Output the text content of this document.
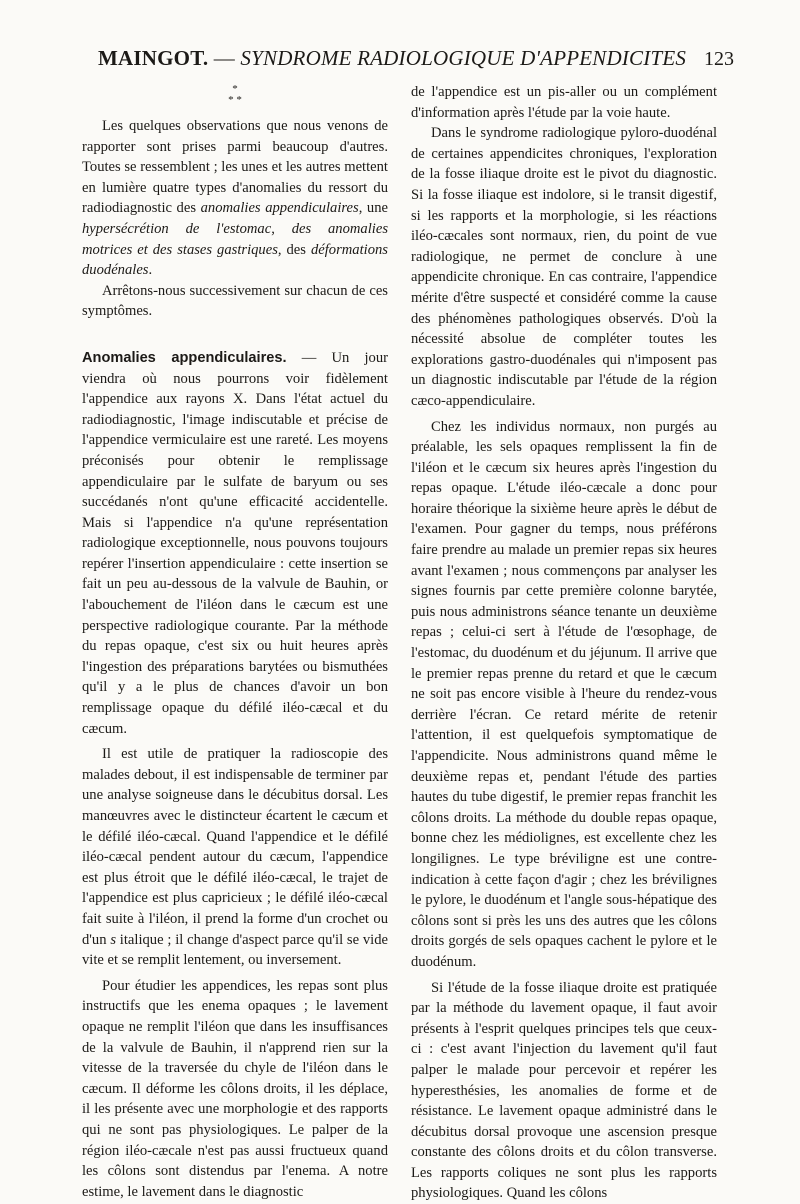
MAINGOT. — SYNDROME RADIOLOGIQUE D'APPENDICITES 123
*
* *

Les quelques observations que nous venons de rapporter sont prises parmi beaucoup d'autres. Toutes se ressemblent ; les unes et les autres mettent en lumière quatre types d'anomalies du ressort du radiodiagnostic des anomalies appendiculaires, une hypersécrétion de l'estomac, des anomalies motrices et des stases gastriques, des déformations duodénales.

Arrêtons-nous successivement sur chacun de ces symptômes.

Anomalies appendiculaires. — Un jour viendra où nous pourrons voir fidèlement l'appendice aux rayons X. Dans l'état actuel du radiodiagnostic, l'image indiscutable et précise de l'appendice vermiculaire est une rareté. Les moyens préconisés pour obtenir le remplissage appendiculaire par le sulfate de baryum ou ses succédanés n'ont qu'une efficacité accidentelle. Mais si l'appendice n'a qu'une représentation radiologique exceptionnelle, nous pouvons toujours repérer l'insertion appendiculaire : cette insertion se fait un peu au-dessous de la valvule de Bauhin, or l'abouchement de l'iléon dans le cæcum est une perspective radiologique courante. Par la méthode du repas opaque, c'est six ou huit heures après l'ingestion des préparations barytées ou bismuthées qu'il y a le plus de chances d'avoir un bon remplissage opaque du défilé iléo-cæcal et du cæcum.

Il est utile de pratiquer la radioscopie des malades debout, il est indispensable de terminer par une analyse soigneuse dans le décubitus dorsal. Les manœuvres avec le distincteur écartent le cæcum et le défilé iléo-cæcal. Quand l'appendice et le défilé iléo-cæcal pendent autour du cæcum, l'appendice est plus étroit que le défilé iléo-cæcal, le trajet de l'appendice est plus capricieux ; le défilé iléo-cæcal fait suite à l'iléon, il prend la forme d'un crochet ou d'un s italique ; il change d'aspect parce qu'il se vide vite et se remplit lentement, ou inversement.

Pour étudier les appendices, les repas sont plus instructifs que les enema opaques ; le lavement opaque ne remplit l'iléon que dans les insuffisances de la valvule de Bauhin, il n'apprend rien sur la vitesse de la traversée du chyle de l'iléon dans le cæcum. Il déforme les côlons droits, il les déplace, il les présente avec une morphologie et des rapports qui ne sont pas physiologiques. Le palper de la région iléo-cæcale n'est pas aussi fructueux quand les côlons sont distendus par l'enema. A notre estime, le lavement dans le diagnostic

de l'appendice est un pis-aller ou un complément d'information après l'étude par la voie haute.

Dans le syndrome radiologique pyloro-duodénal de certaines appendicites chroniques, l'exploration de la fosse iliaque droite est le pivot du diagnostic. Si la fosse iliaque est indolore, si le transit digestif, si les rapports et la morphologie, si les réactions iléo-cæcales sont normaux, rien, du point de vue radiologique, ne permet de conclure à une appendicite chronique. En cas contraire, l'appendice mérite d'être suspecté et considéré comme la cause des phénomènes pathologiques observés. D'où la nécessité absolue de compléter toutes les explorations gastro-duodénales qui n'imposent pas un diagnostic indiscutable par l'étude de la région cæco-appendiculaire.

Chez les individus normaux, non purgés au préalable, les sels opaques remplissent la fin de l'iléon et le cæcum six heures après l'ingestion du repas opaque. L'étude iléo-cæcale a donc pour horaire théorique la sixième heure après le début de l'examen. Pour gagner du temps, nous préférons faire prendre au malade un premier repas six heures avant l'examen ; nous commençons par analyser les signes fournis par cette première colonne barytée, puis nous administrons séance tenante un deuxième repas ; celui-ci sert à l'étude de l'œsophage, de l'estomac, du duodénum et du jéjunum. Il arrive que le premier repas prenne du retard et que le cæcum ne soit pas encore visible à l'heure du rendez-vous derrière l'écran. Ce retard mérite de retenir l'attention, il est quelquefois symptomatique de l'appendicite. Nous administrons quand même le deuxième repas et, pendant l'étude des parties hautes du tube digestif, le premier repas franchit les côlons droits. La méthode du double repas opaque, bonne chez les médiolignes, est excellente chez les longilignes. Le type bréviligne est une contre-indication à cette façon d'agir ; chez les brévilignes le pylore, le duodénum et l'angle sous-hépatique des côlons sont si près les uns des autres que les côlons droits gorgés de sels opaques cachent le pylore et le duodénum.

Si l'étude de la fosse iliaque droite est pratiquée par la méthode du lavement opaque, il faut avoir présents à l'esprit quelques principes tels que ceux-ci : c'est avant l'injection du lavement qu'il faut palper le malade pour percevoir et repérer les hyperesthésies, les anomalies de forme et de résistance. Le lavement opaque administré dans le décubitus dorsal provoque une ascension presque constante des côlons droits et du côlon transverse. Les rapports coliques ne sont plus les rapports physiologiques. Quand les côlons
